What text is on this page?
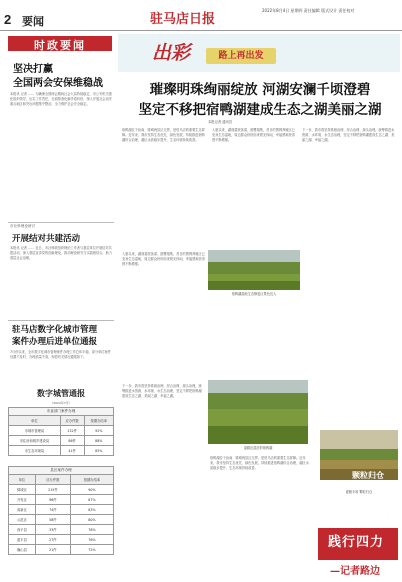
2 要闻	驻马店日报
2022年8月4日 星期四 责任编辑 版式设计 责任校对
时政要闻
坚决打赢
全国两会安保维稳战
本报讯 记者 …… 为确保全国两会期间社会大局持续稳定，市公安机关强化组织领导，压实工作责任，全面排查化解矛盾纠纷，深入开展社会治安重点地区和突出问题集中整治，全力维护社会安全稳定。
市社科理论研讨
开展结对共建活动
本报讯 记者 …… 近日，市社科联组织理论工作者与基层单位开展结对共建活动，深入基层宣讲党的创新理论，推动理论研究与实践相结合，助力基层社会治理。
驻马店数字化城市管理
案件办理后进单位通报
7月份以来，全市数字化城市管理案件办理工作总体平稳，部分单位案件处置不及时、办理质量不高，现将有关情况通报如下。
数字城管通报
（2022年7月）
市直部门案件办理
单位	应办件数	按期办结率
市城市管理局	132件	92%
市住房和城乡建设局	86件	88%
市生态环境局	41件	85%
县区案件办理
单位	应办件数	按期办结率
驿城区	215件	90%
开发区	96件	87%
高新区	74件	83%
示范区	58件	80%
西平县	33件	78%
遂平县	27件	76%
确山县	21件	72%
出彩	路上再出发
璀璨明珠绚丽绽放 河湖安澜千顷澄碧
坚定不移把宿鸭湖建成生态之湖美丽之湖
本报记者 通讯员
宿鸭湖位于汝南、驿城两县区交界，是驻马店的重要生态屏障。近年来，我市坚持生态优先、绿色发展，持续推进宿鸭湖综合治理，湖区水质稳步提升，生态环境持续改善。
入夏以来，湖面碧波荡漾，鸥鹭翔集，昔日的围网养殖区已变身生态湿地，周边群众纷纷前来观光休闲，幸福感和获得感不断增强。
下一步，我市将坚持系统治理、综合治理、源头治理，统筹推进水资源、水环境、水生态治理，坚定不移把宿鸭湖建成生态之湖、美丽之湖、幸福之湖。
宿鸭湖湿地生态修复区景色宜人
入夏以来，湖面碧波荡漾，鸥鹭翔集，昔日的围网养殖区已变身生态湿地，周边群众纷纷前来观光休闲，幸福感和获得感不断增强。
退耕还湿后的宿鸭湖
下一步，我市将坚持系统治理、综合治理、源头治理，统筹推进水资源、水环境、水生态治理，坚定不移把宿鸭湖建成生态之湖、美丽之湖、幸福之湖。
宿鸭湖位于汝南、驿城两县区交界，是驻马店的重要生态屏障。近年来，我市坚持生态优先、绿色发展，持续推进宿鸭湖综合治理，湖区水质稳步提升，生态环境持续改善。
颗粒归仓
夏粮丰收 颗粒归仓
践行四力
—记者路边
